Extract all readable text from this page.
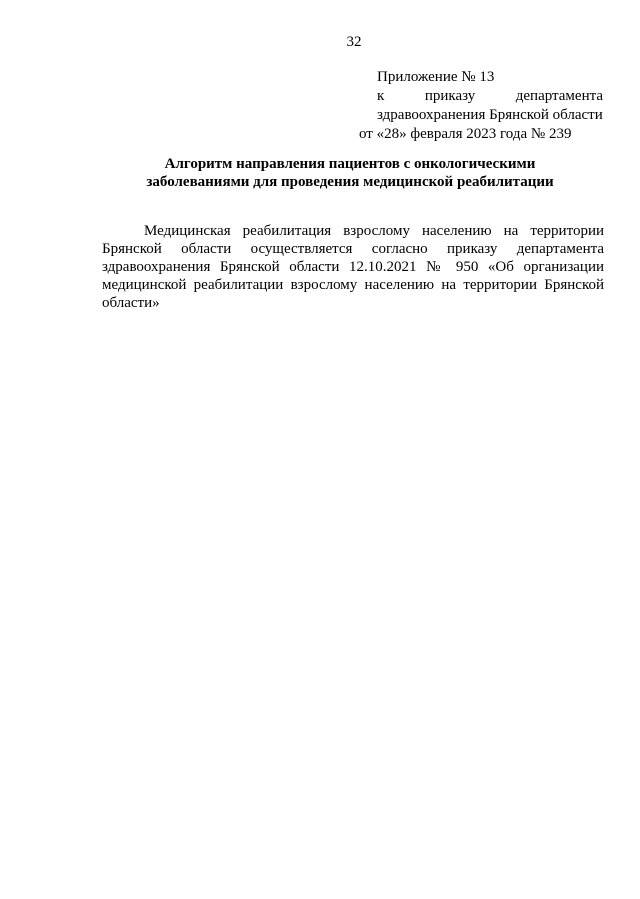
32
Приложение № 13
к	приказу	департамента
здравоохранения Брянской области
от «28» февраля 2023 года № 239
Алгоритм направления пациентов с онкологическими
заболеваниями для проведения медицинской реабилитации

Медицинская реабилитация взрослому населению на территории Брянской области осуществляется согласно приказу департамента здравоохранения Брянской области 12.10.2021 № 950 «Об организации медицинской реабилитации взрослому населению на территории Брянской области»
